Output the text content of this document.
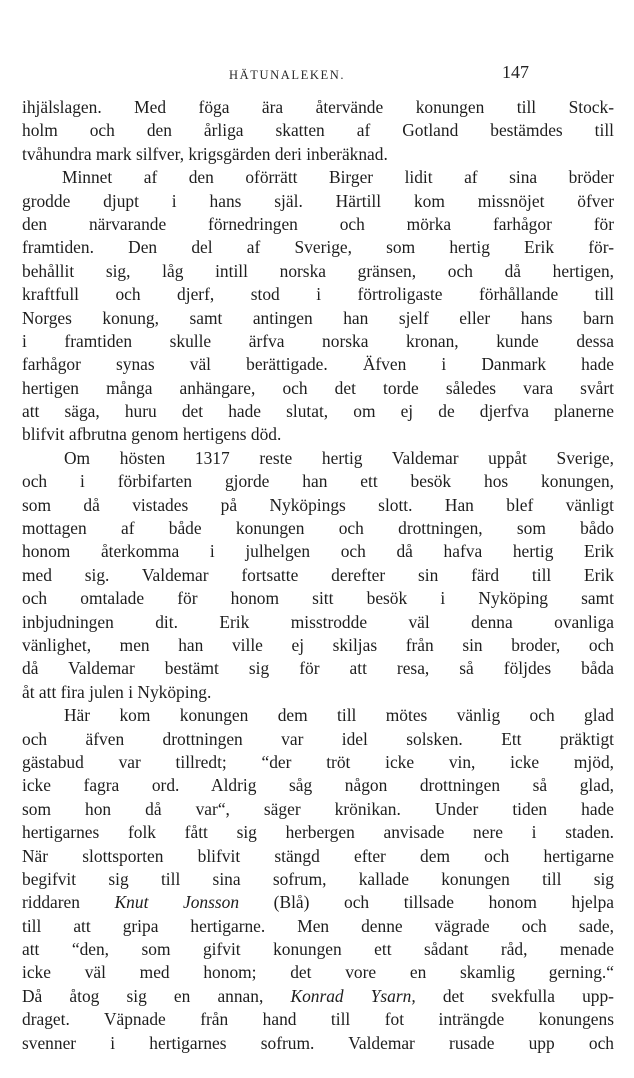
HÄTUNALEKEN.	147
ihjälslagen. Med föga ära återvände konungen till Stock-
holm och den årliga skatten af Gotland bestämdes till
tvåhundra mark silfver, krigsgärden deri inberäknad.
Minnet af den oförrätt Birger lidit af sina bröder
grodde djupt i hans själ. Härtill kom missnöjet öfver
den närvarande förnedringen och mörka farhågor för
framtiden. Den del af Sverige, som hertig Erik för-
behållit sig, låg intill norska gränsen, och då hertigen,
kraftfull och djerf, stod i förtroligaste förhållande till
Norges konung, samt antingen han sjelf eller hans barn
i framtiden skulle ärfva norska kronan, kunde dessa
farhågor synas väl berättigade. Äfven i Danmark hade
hertigen många anhängare, och det torde således vara svårt
att säga, huru det hade slutat, om ej de djerfva planerne
blifvit afbrutna genom hertigens död.
Om hösten 1317 reste hertig Valdemar uppåt Sverige,
och i förbifarten gjorde han ett besök hos konungen,
som då vistades på Nyköpings slott. Han blef vänligt
mottagen af både konungen och drottningen, som bådo
honom återkomma i julhelgen och då hafva hertig Erik
med sig. Valdemar fortsatte derefter sin färd till Erik
och omtalade för honom sitt besök i Nyköping samt
inbjudningen dit. Erik misstrodde väl denna ovanliga
vänlighet, men han ville ej skiljas från sin broder, och
då Valdemar bestämt sig för att resa, så följdes båda
åt att fira julen i Nyköping.
Här kom konungen dem till mötes vänlig och glad
och äfven drottningen var idel solsken. Ett präktigt
gästabud var tillredt; “der tröt icke vin, icke mjöd,
icke fagra ord. Aldrig såg någon drottningen så glad,
som hon då var“, säger krönikan. Under tiden hade
hertigarnes folk fått sig herbergen anvisade nere i staden.
När slottsporten blifvit stängd efter dem och hertigarne
begifvit sig till sina sofrum, kallade konungen till sig
riddaren Knut Jonsson (Blå) och tillsade honom hjelpa
till att gripa hertigarne. Men denne vägrade och sade,
att “den, som gifvit konungen ett sådant råd, menade
icke väl med honom; det vore en skamlig gerning.“
Då åtog sig en annan, Konrad Ysarn, det svekfulla upp-
draget. Väpnade från hand till fot inträngde konungens
svenner i hertigarnes sofrum. Valdemar rusade upp och
